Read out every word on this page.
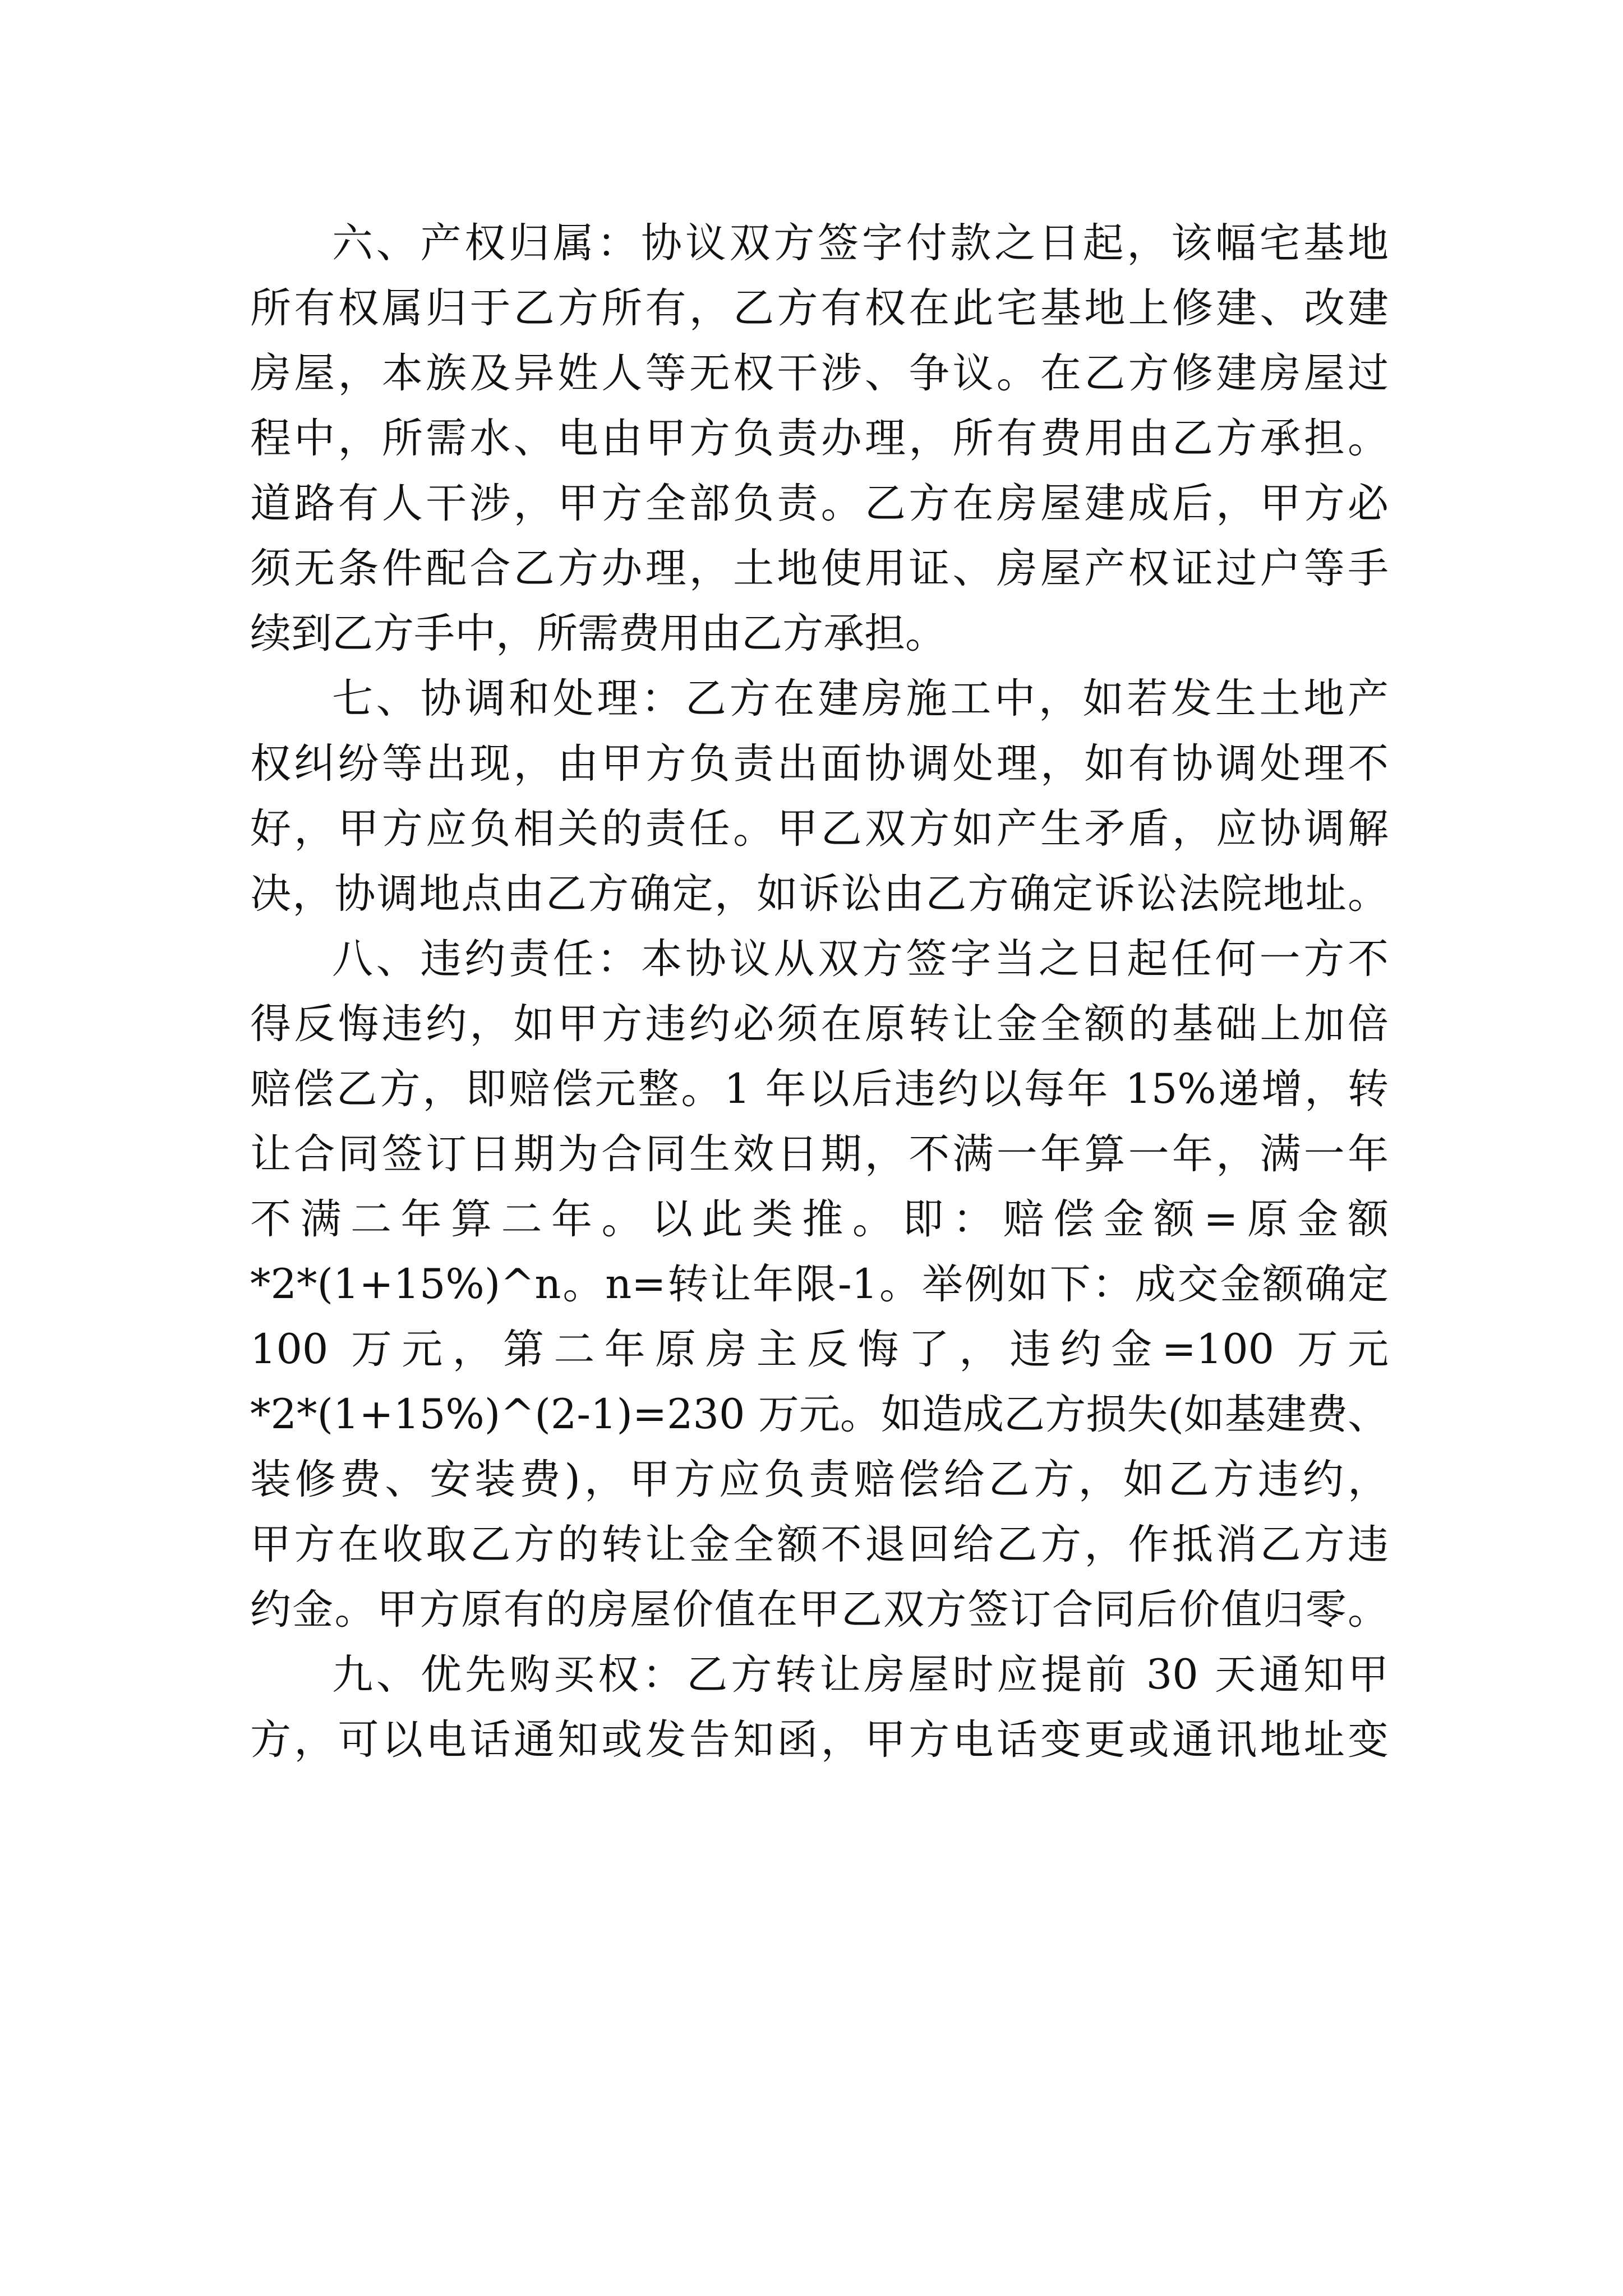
六、产权归属：协议双方签字付款之日起，该幅宅基地
所有权属归于乙方所有，乙方有权在此宅基地上修建、改建
房屋，本族及异姓人等无权干涉、争议。在乙方修建房屋过
程中，所需水、电由甲方负责办理，所有费用由乙方承担。
道路有人干涉，甲方全部负责。乙方在房屋建成后，甲方必
须无条件配合乙方办理，土地使用证、房屋产权证过户等手
续到乙方手中，所需费用由乙方承担。
七、协调和处理：乙方在建房施工中，如若发生土地产
权纠纷等出现，由甲方负责出面协调处理，如有协调处理不
好，甲方应负相关的责任。甲乙双方如产生矛盾，应协调解
决，协调地点由乙方确定，如诉讼由乙方确定诉讼法院地址。
八、违约责任：本协议从双方签字当之日起任何一方不
得反悔违约，如甲方违约必须在原转让金全额的基础上加倍
赔偿乙方，即赔偿元整。1 年以后违约以每年 15%递增，转
让合同签订日期为合同生效日期，不满一年算一年，满一年
不满二年算二年。以此类推。即：赔偿金额=原金额
*2*(1+15%)^n。n=转让年限-1。举例如下：成交金额确定
100 万元，第二年原房主反悔了，违约金=100 万元
*2*(1+15%)^(2-1)=230 万元。如造成乙方损失(如基建费、
装修费、安装费)，甲方应负责赔偿给乙方，如乙方违约，
甲方在收取乙方的转让金全额不退回给乙方，作抵消乙方违
约金。甲方原有的房屋价值在甲乙双方签订合同后价值归零。
九、优先购买权：乙方转让房屋时应提前 30 天通知甲
方，可以电话通知或发告知函，甲方电话变更或通讯地址变
